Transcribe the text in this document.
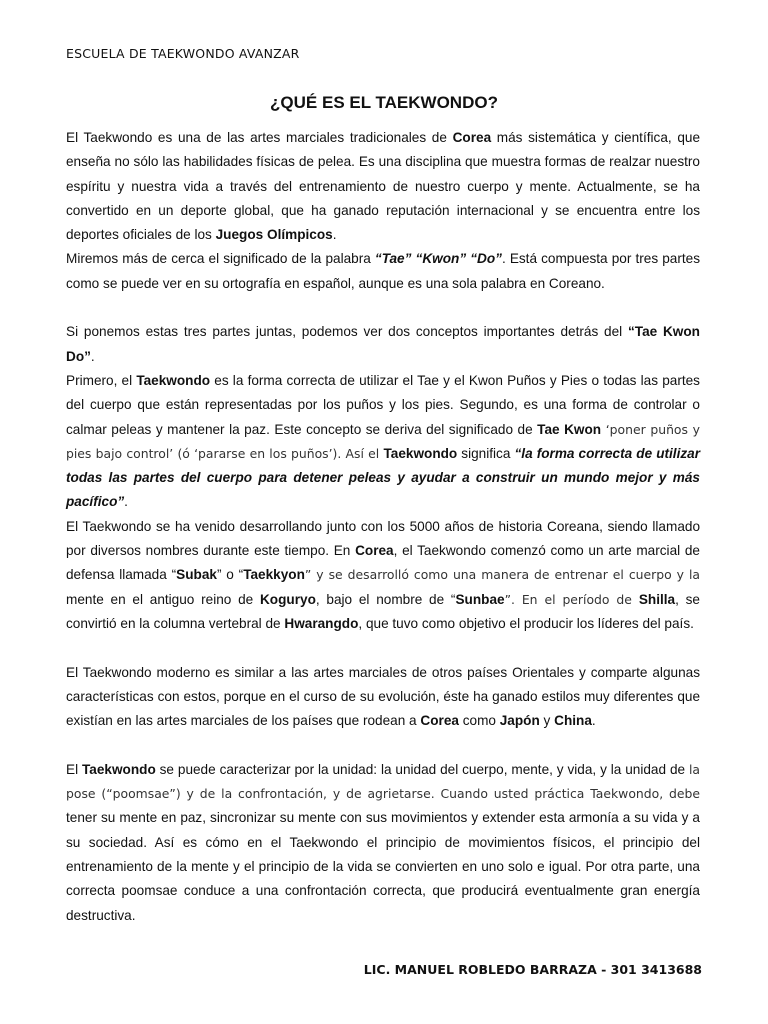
ESCUELA DE TAEKWONDO AVANZAR
¿QUÉ ES EL TAEKWONDO?

El Taekwondo es una de las artes marciales tradicionales de Corea más sistemática y científica, que enseña no sólo las habilidades físicas de pelea. Es una disciplina que muestra formas de realzar nuestro espíritu y nuestra vida a través del entrenamiento de nuestro cuerpo y mente. Actualmente, se ha convertido en un deporte global, que ha ganado reputación internacional y se encuentra entre los deportes oficiales de los Juegos Olímpicos.

Miremos más de cerca el significado de la palabra “Tae” “Kwon” “Do”. Está compuesta por tres partes como se puede ver en su ortografía en español, aunque es una sola palabra en Coreano.

Si ponemos estas tres partes juntas, podemos ver dos conceptos importantes detrás del “Tae Kwon Do”.

Primero, el Taekwondo es la forma correcta de utilizar el Tae y el Kwon Puños y Pies o todas las partes del cuerpo que están representadas por los puños y los pies. Segundo, es una forma de controlar o calmar peleas y mantener la paz. Este concepto se deriva del significado de Tae Kwon ‘poner puños y pies bajo control’ (ó ‘pararse en los puños’). Así el Taekwondo significa “la forma correcta de utilizar todas las partes del cuerpo para detener peleas y ayudar a construir un mundo mejor y más pacífico”.

El Taekwondo se ha venido desarrollando junto con los 5000 años de historia Coreana, siendo llamado por diversos nombres durante este tiempo. En Corea, el Taekwondo comenzó como un arte marcial de defensa llamada “Subak” o “Taekkyon” y se desarrolló como una manera de entrenar el cuerpo y la mente en el antiguo reino de Koguryo, bajo el nombre de “Sunbae”. En el período de Shilla, se convirtió en la columna vertebral de Hwarangdo, que tuvo como objetivo el producir los líderes del país.

El Taekwondo moderno es similar a las artes marciales de otros países Orientales y comparte algunas características con estos, porque en el curso de su evolución, éste ha ganado estilos muy diferentes que existían en las artes marciales de los países que rodean a Corea como Japón y China.

El Taekwondo se puede caracterizar por la unidad: la unidad del cuerpo, mente, y vida, y la unidad de la pose (“poomsae”) y de la confrontación, y de agrietarse. Cuando usted práctica Taekwondo, debe tener su mente en paz, sincronizar su mente con sus movimientos y extender esta armonía a su vida y a su sociedad. Así es cómo en el Taekwondo el principio de movimientos físicos, el principio del entrenamiento de la mente y el principio de la vida se convierten en uno solo e igual. Por otra parte, una correcta poomsae conduce a una confrontación correcta, que producirá eventualmente gran energía destructiva.

LIC. MANUEL ROBLEDO BARRAZA - 301 3413688
